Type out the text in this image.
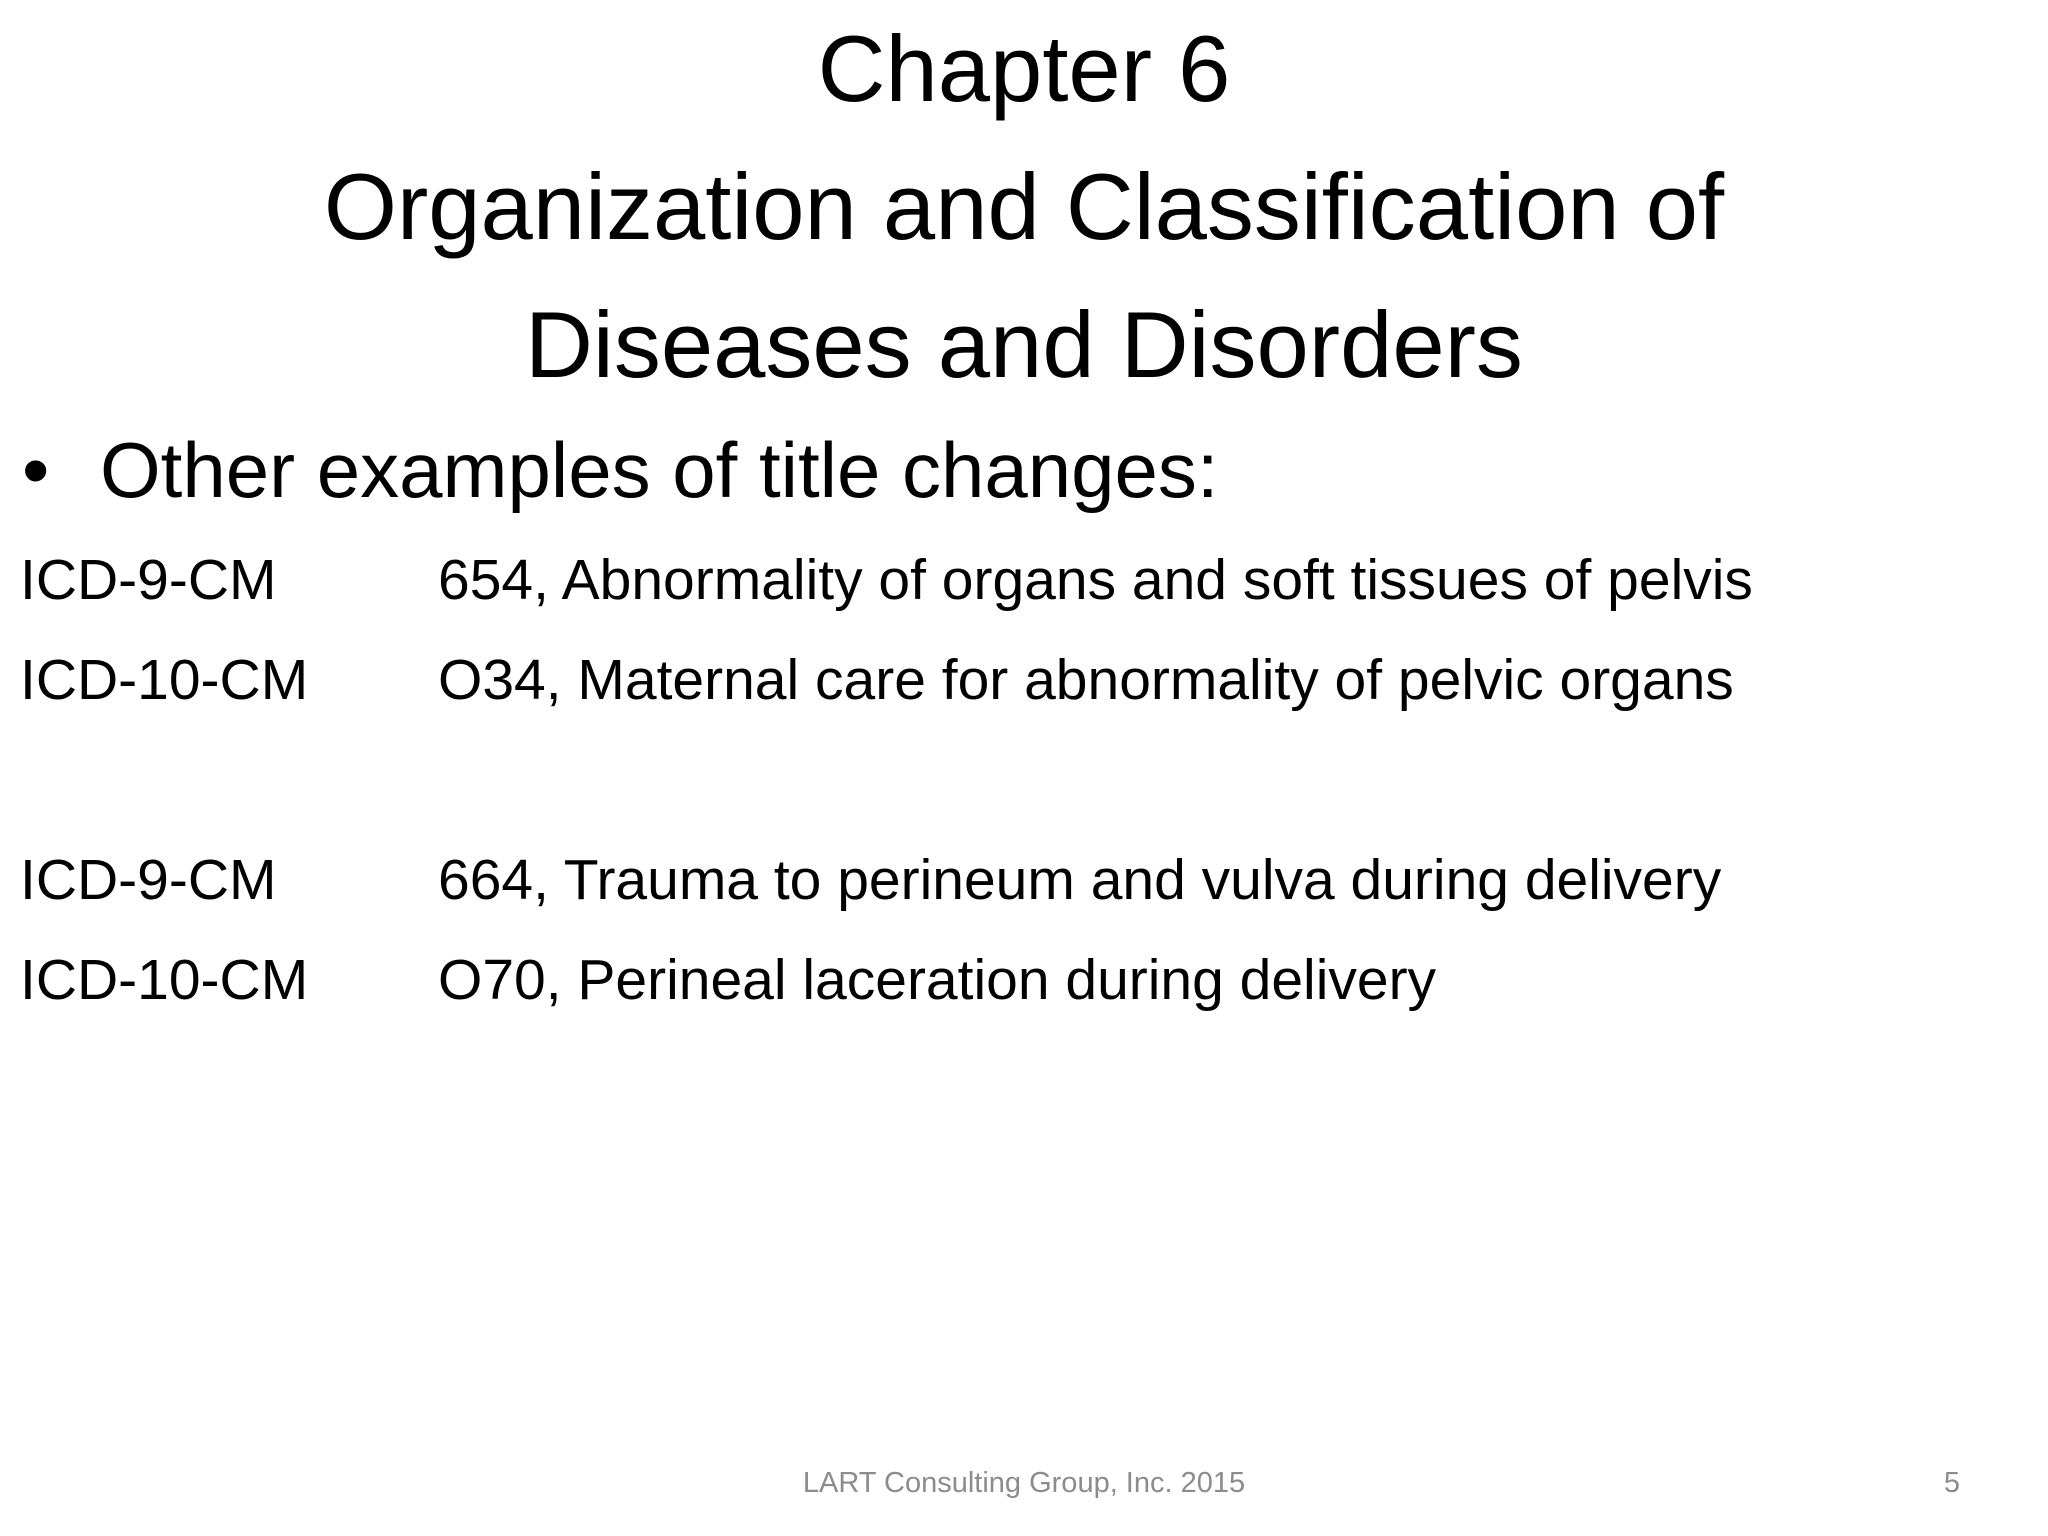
Chapter 6
Organization and Classification of
Diseases and Disorders
• Other examples of title changes:
ICD-9-CM	654, Abnormality of organs and soft tissues of pelvis
ICD-10-CM	O34, Maternal care for abnormality of pelvic organs
ICD-9-CM	664, Trauma to perineum and vulva during delivery
ICD-10-CM	O70, Perineal laceration during delivery
LART Consulting Group, Inc. 2015	5
